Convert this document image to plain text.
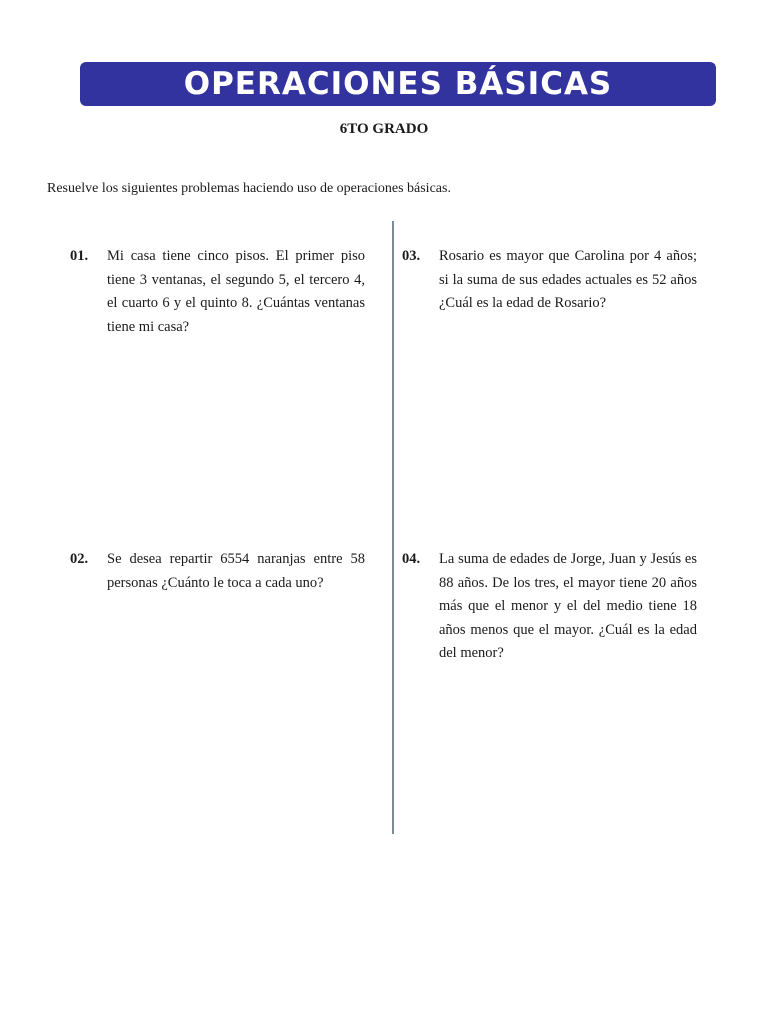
OPERACIONES BÁSICAS
6TO GRADO
Resuelve los siguientes problemas haciendo uso de operaciones básicas.
01.	Mi casa tiene cinco pisos. El primer piso tiene 3 ventanas, el segundo 5, el tercero 4, el cuarto 6 y el quinto 8. ¿Cuántas ventanas tiene mi casa?
02.	Se desea repartir 6554 naranjas entre 58 personas ¿Cuánto le toca a cada uno?
03.	Rosario es mayor que Carolina por 4 años; si la suma de sus edades actuales es 52 años ¿Cuál es la edad de Rosario?
04.	La suma de edades de Jorge, Juan y Jesús es 88 años. De los tres, el mayor tiene 20 años más que el menor y el del medio tiene 18 años menos que el mayor. ¿Cuál es la edad del menor?
